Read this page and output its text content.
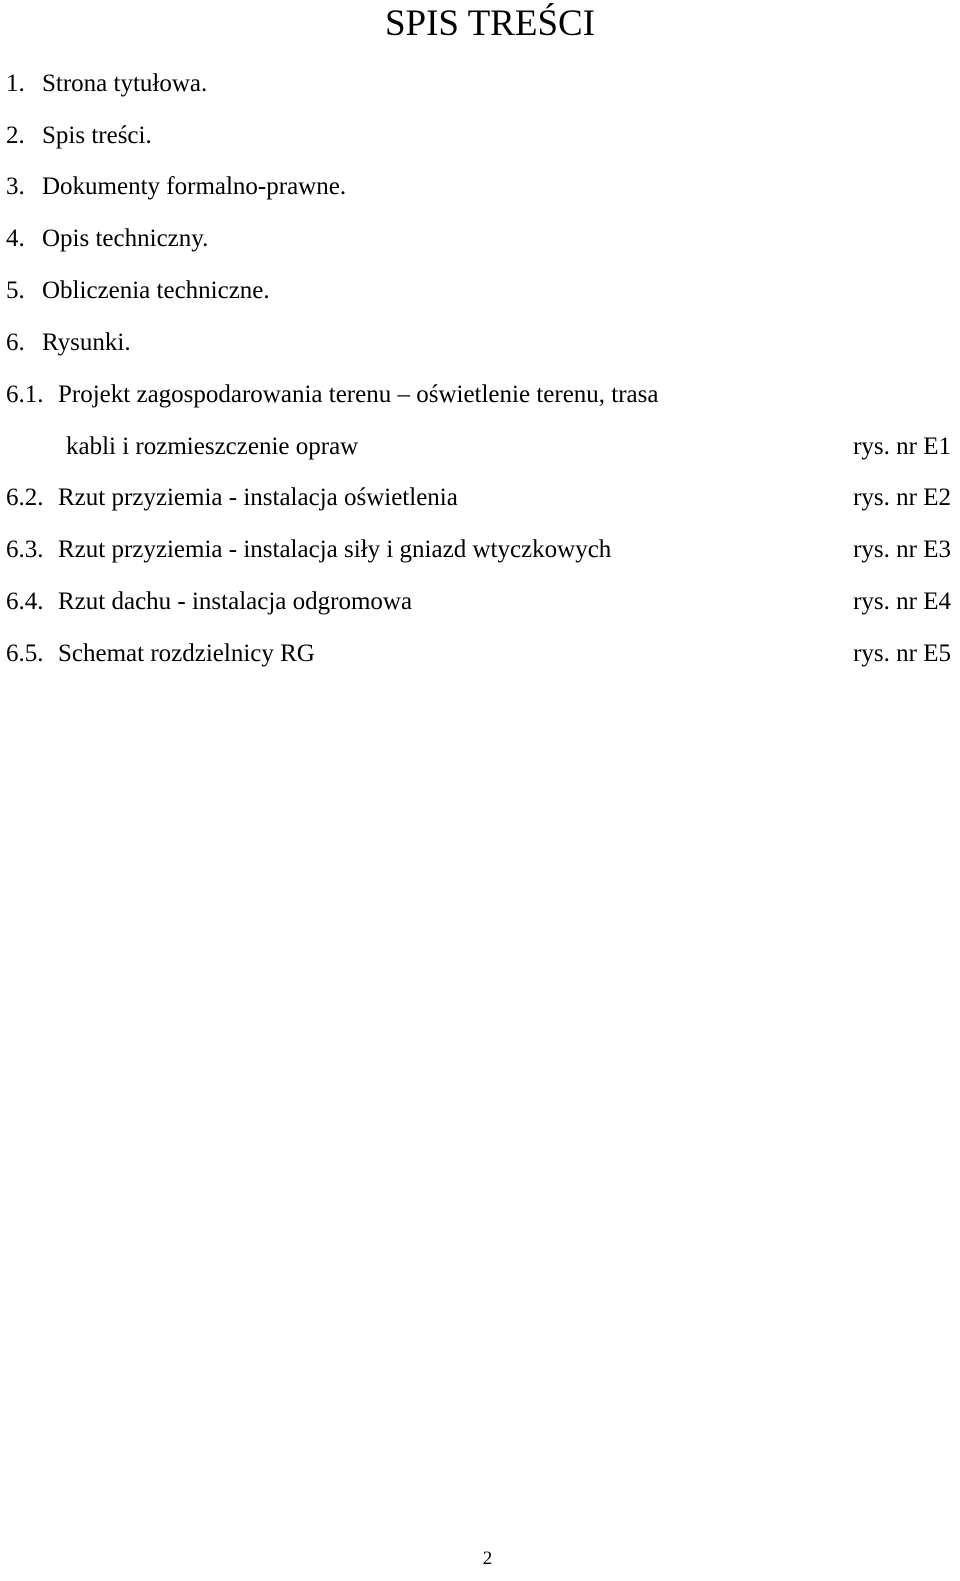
SPIS TREŚCI
1. Strona tytułowa.
2. Spis treści.
3. Dokumenty formalno-prawne.
4. Opis techniczny.
5. Obliczenia techniczne.
6. Rysunki.
6.1. Projekt zagospodarowania terenu – oświetlenie terenu, trasa
kabli i rozmieszczenie opraw	rys. nr E1
6.2. Rzut przyziemia - instalacja oświetlenia	rys. nr E2
6.3. Rzut przyziemia - instalacja siły i gniazd wtyczkowych	rys. nr E3
6.4. Rzut dachu - instalacja odgromowa	rys. nr E4
6.5. Schemat rozdzielnicy RG	rys. nr E5
2
